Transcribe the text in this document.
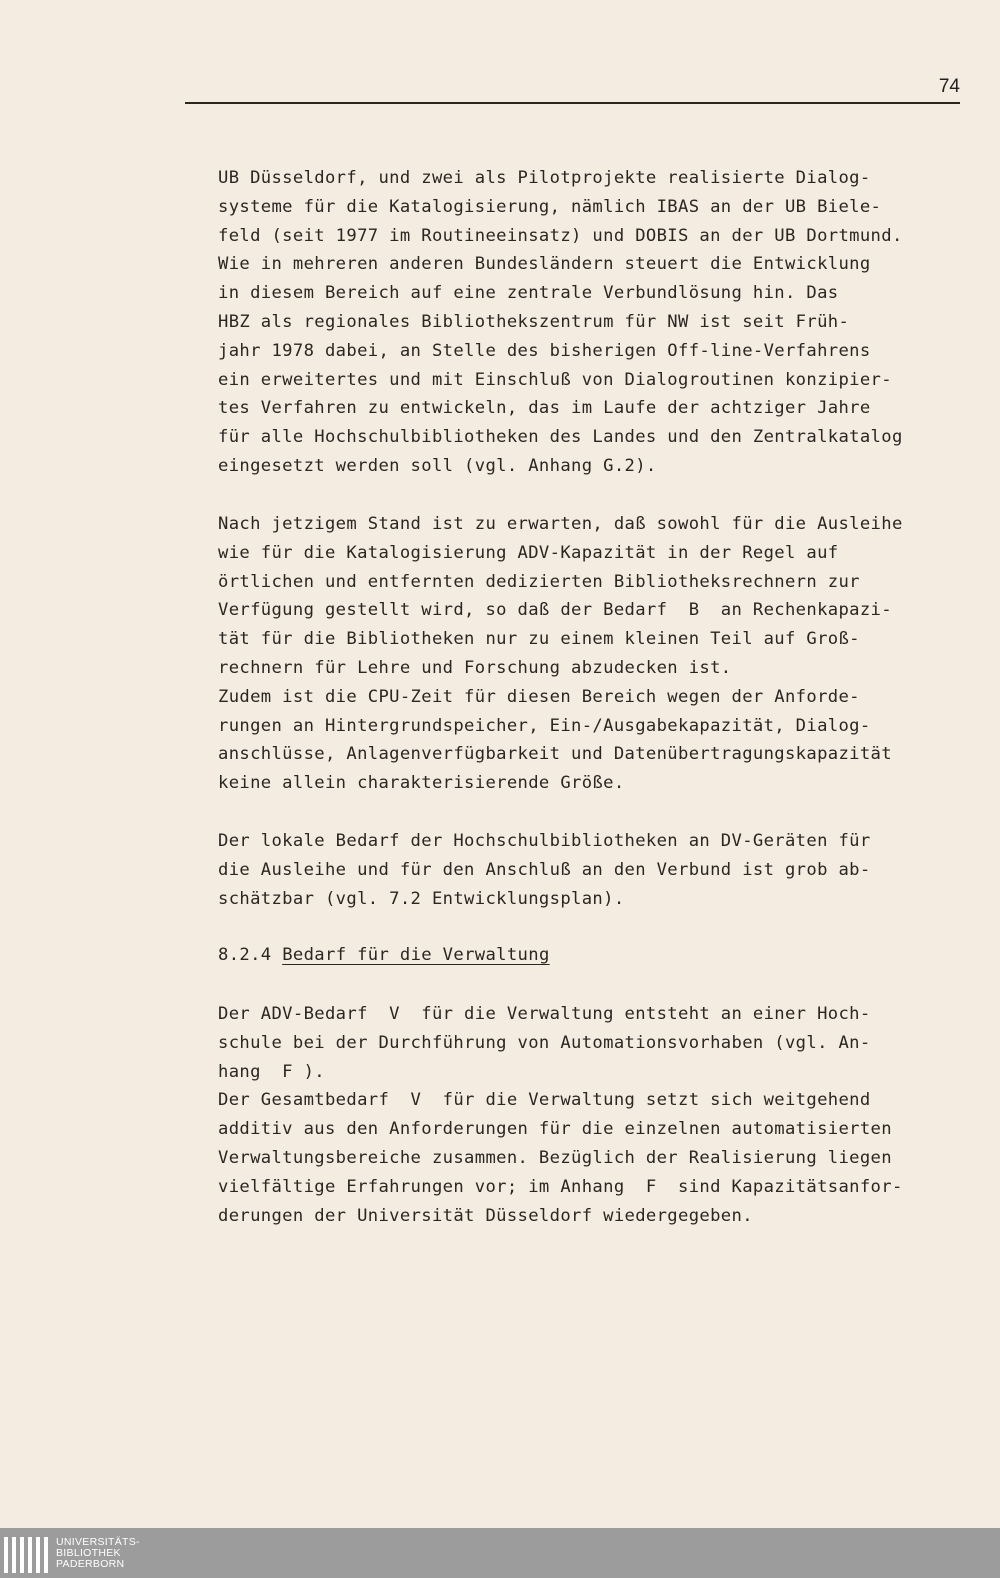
74
UB Düsseldorf, und zwei als Pilotprojekte realisierte Dialog-
systeme für die Katalogisierung, nämlich IBAS an der UB Biele-
feld (seit 1977 im Routineeinsatz) und DOBIS an der UB Dortmund.
Wie in mehreren anderen Bundesländern steuert die Entwicklung
in diesem Bereich auf eine zentrale Verbundlösung hin. Das
HBZ als regionales Bibliothekszentrum für NW ist seit Früh-
jahr 1978 dabei, an Stelle des bisherigen Off-line-Verfahrens
ein erweitertes und mit Einschluß von Dialogroutinen konzipier-
tes Verfahren zu entwickeln, das im Laufe der achtziger Jahre
für alle Hochschulbibliotheken des Landes und den Zentralkatalog
eingesetzt werden soll (vgl. Anhang G.2).
Nach jetzigem Stand ist zu erwarten, daß sowohl für die Ausleihe
wie für die Katalogisierung ADV-Kapazität in der Regel auf
örtlichen und entfernten dedizierten Bibliotheksrechnern zur
Verfügung gestellt wird, so daß der Bedarf  B  an Rechenkapazi-
tät für die Bibliotheken nur zu einem kleinen Teil auf Groß-
rechnern für Lehre und Forschung abzudecken ist.
Zudem ist die CPU-Zeit für diesen Bereich wegen der Anforde-
rungen an Hintergrundspeicher, Ein-/Ausgabekapazität, Dialog-
anschlüsse, Anlagenverfügbarkeit und Datenübertragungskapazität
keine allein charakterisierende Größe.
Der lokale Bedarf der Hochschulbibliotheken an DV-Geräten für
die Ausleihe und für den Anschluß an den Verbund ist grob ab-
schätzbar (vgl. 7.2 Entwicklungsplan).
8.2.4 Bedarf für die Verwaltung
Der ADV-Bedarf  V  für die Verwaltung entsteht an einer Hoch-
schule bei der Durchführung von Automationsvorhaben (vgl. An-
hang  F ).
Der Gesamtbedarf  V  für die Verwaltung setzt sich weitgehend
additiv aus den Anforderungen für die einzelnen automatisierten
Verwaltungsbereiche zusammen. Bezüglich der Realisierung liegen
vielfältige Erfahrungen vor; im Anhang  F  sind Kapazitätsanfor-
derungen der Universität Düsseldorf wiedergegeben.
UNIVERSITÄTS-
BIBLIOTHEK
PADERBORN
